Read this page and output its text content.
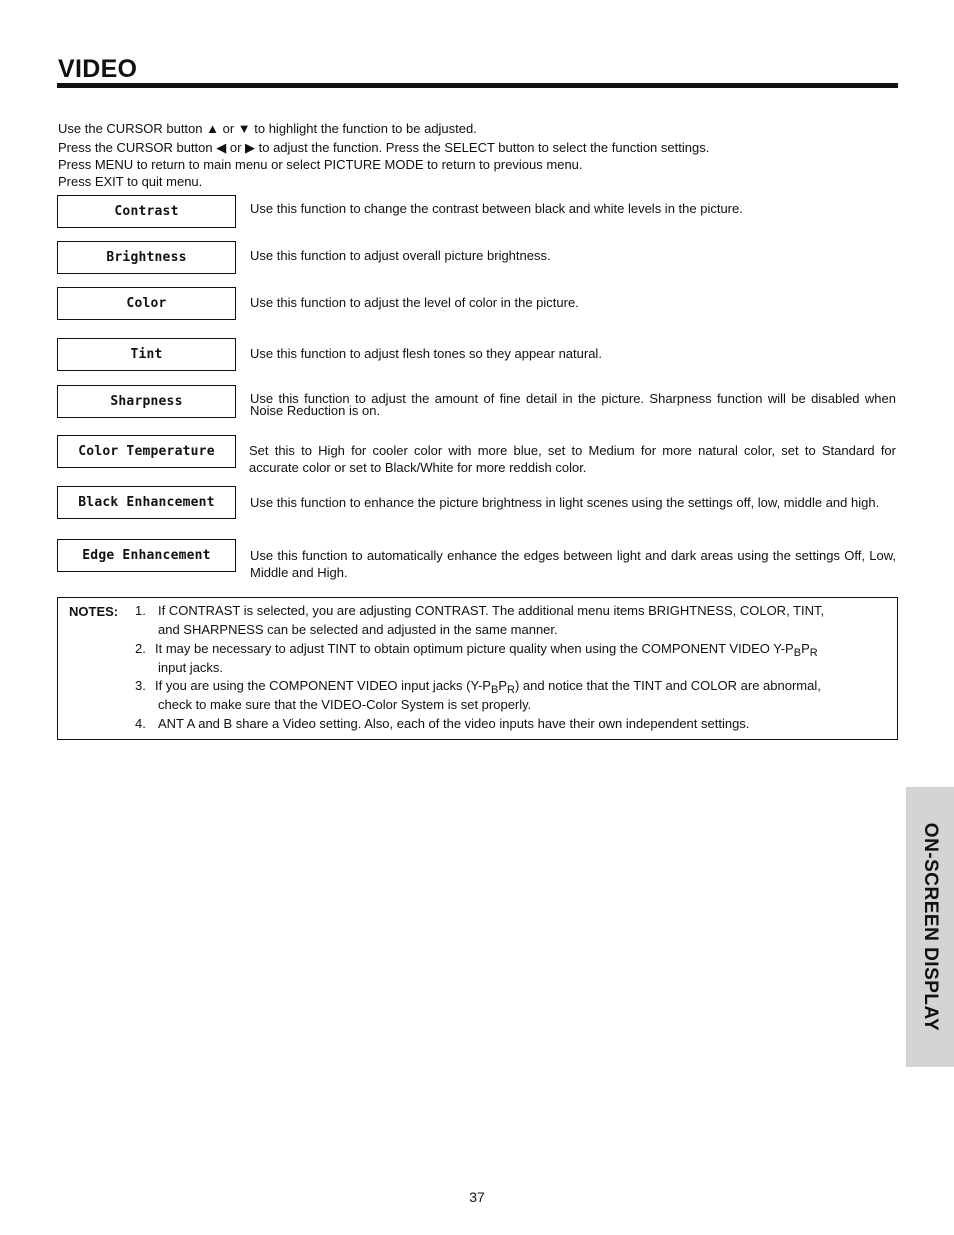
VIDEO
Use the CURSOR button ▲ or ▼ to highlight the function to be adjusted.
Press the CURSOR button ◀ or ▶ to adjust the function. Press the SELECT button to select the function settings.
Press MENU to return to main menu or select PICTURE MODE to return to previous menu.
Press EXIT to quit menu.
Contrast	Use this function to change the contrast between black and white levels in the picture.
Brightness	Use this function to adjust overall picture brightness.
Color	Use this function to adjust the level of color in the picture.
Tint	Use this function to adjust flesh tones so they appear natural.
Sharpness	Use this function to adjust the amount of fine detail in the picture. Sharpness function will be disabled when Noise Reduction is on.
Color Temperature	Set this to High for cooler color with more blue, set to Medium for more natural color, set to Standard for accurate color or set to Black/White for more reddish color.
Black Enhancement	Use this function to enhance the picture brightness in light scenes using the settings off, low, middle and high.
Edge Enhancement	Use this function to automatically enhance the edges between light and dark areas using the settings Off, Low, Middle and High.
NOTES: 1. If CONTRAST is selected, you are adjusting CONTRAST. The additional menu items BRIGHTNESS, COLOR, TINT,
and SHARPNESS can be selected and adjusted in the same manner.
2. It may be necessary to adjust TINT to obtain optimum picture quality when using the COMPONENT VIDEO $Y-P_BP_R$
input jacks.
3. If you are using the COMPONENT VIDEO input jacks $(Y-P_BP_R)$ and notice that the TINT and COLOR are abnormal,
check to make sure that the VIDEO-Color System is set properly.
4. ANT A and B share a Video setting. Also, each of the video inputs have their own independent settings.
ON-SCREEN DISPLAY
37
